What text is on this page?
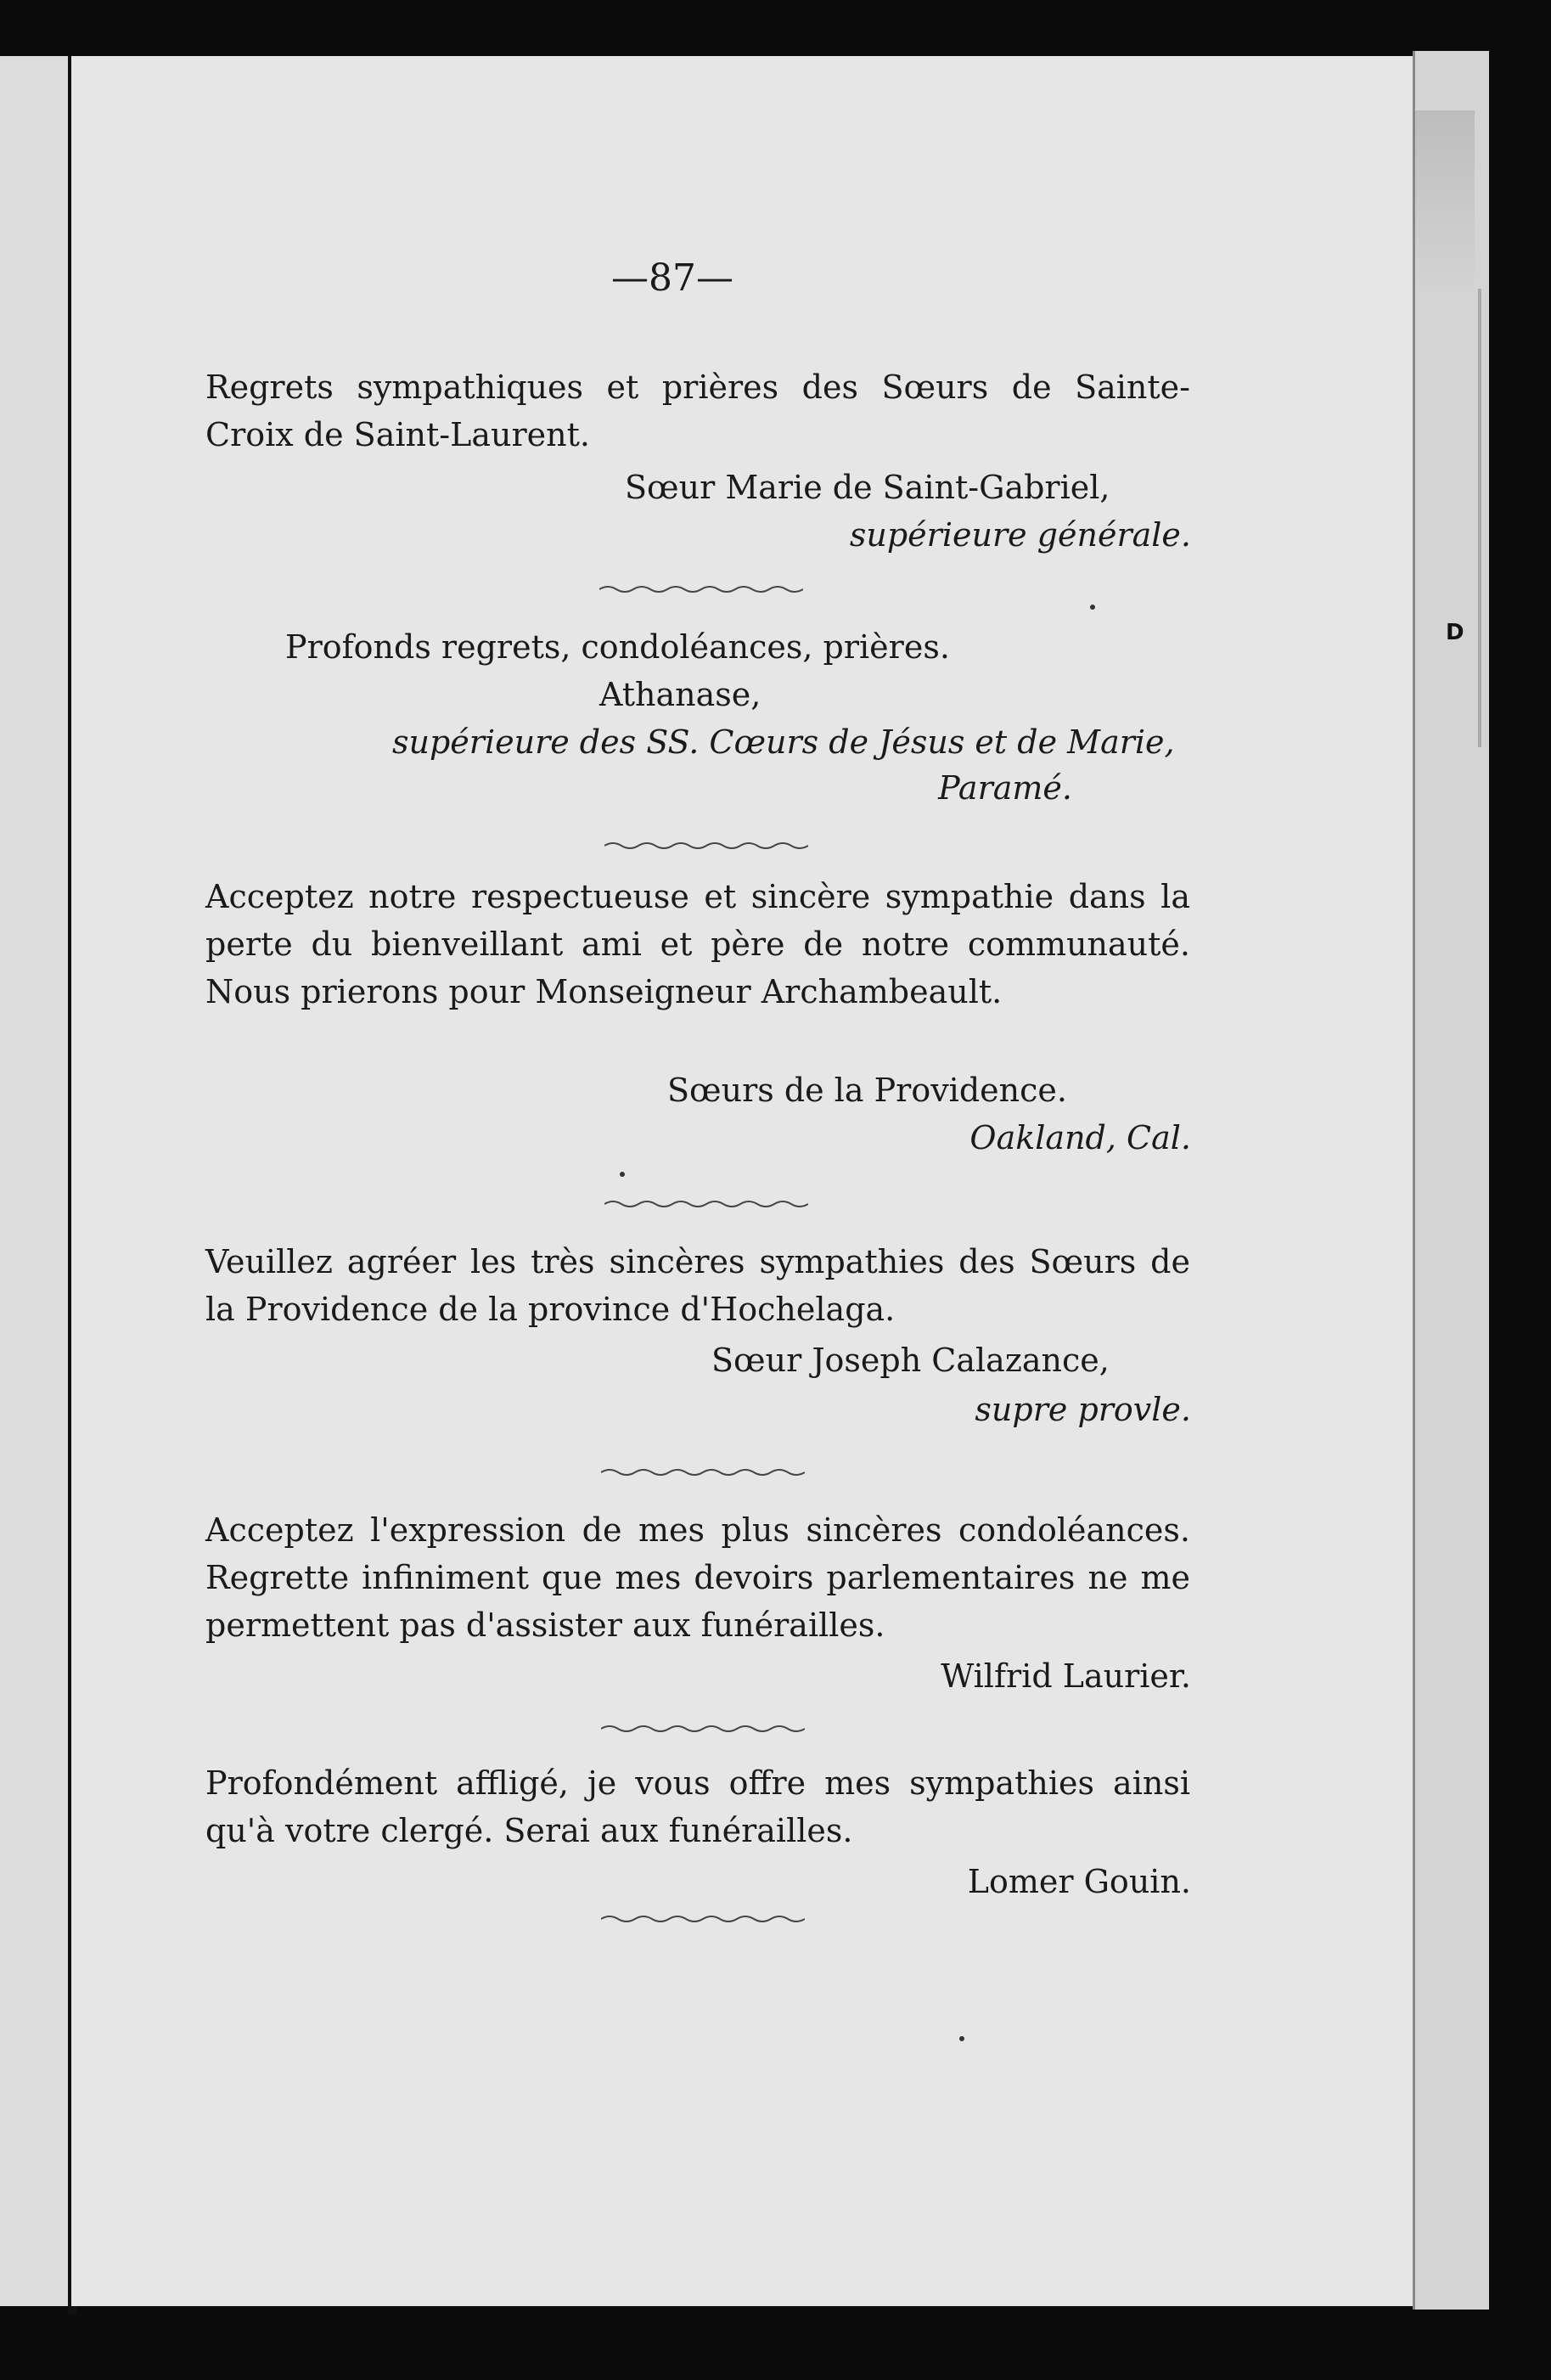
D
—87—
Regrets sympathiques et prières des Sœurs de Sainte- Croix de Saint-Laurent.
Sœur Marie de Saint-Gabriel,
supérieure générale.
Profonds regrets, condoléances, prières.
Athanase,
supérieure des SS. Cœurs de Jésus et de Marie,
Paramé.
Acceptez notre respectueuse et sincère sympathie dans la perte du bienveillant ami et père de notre communauté. Nous prierons pour Monseigneur Archambeault.
Sœurs de la Providence.
Oakland, Cal.
Veuillez agréer les très sincères sympathies des Sœurs de la Providence de la province d'Hochelaga.
Sœur Joseph Calazance,
supre provle.
Acceptez l'expression de mes plus sincères condoléances. Regrette infiniment que mes devoirs parlementaires ne me permettent pas d'assister aux funérailles.
Wilfrid Laurier.
Profondément affligé, je vous offre mes sympathies ainsi qu'à votre clergé. Serai aux funérailles.
Lomer Gouin.
